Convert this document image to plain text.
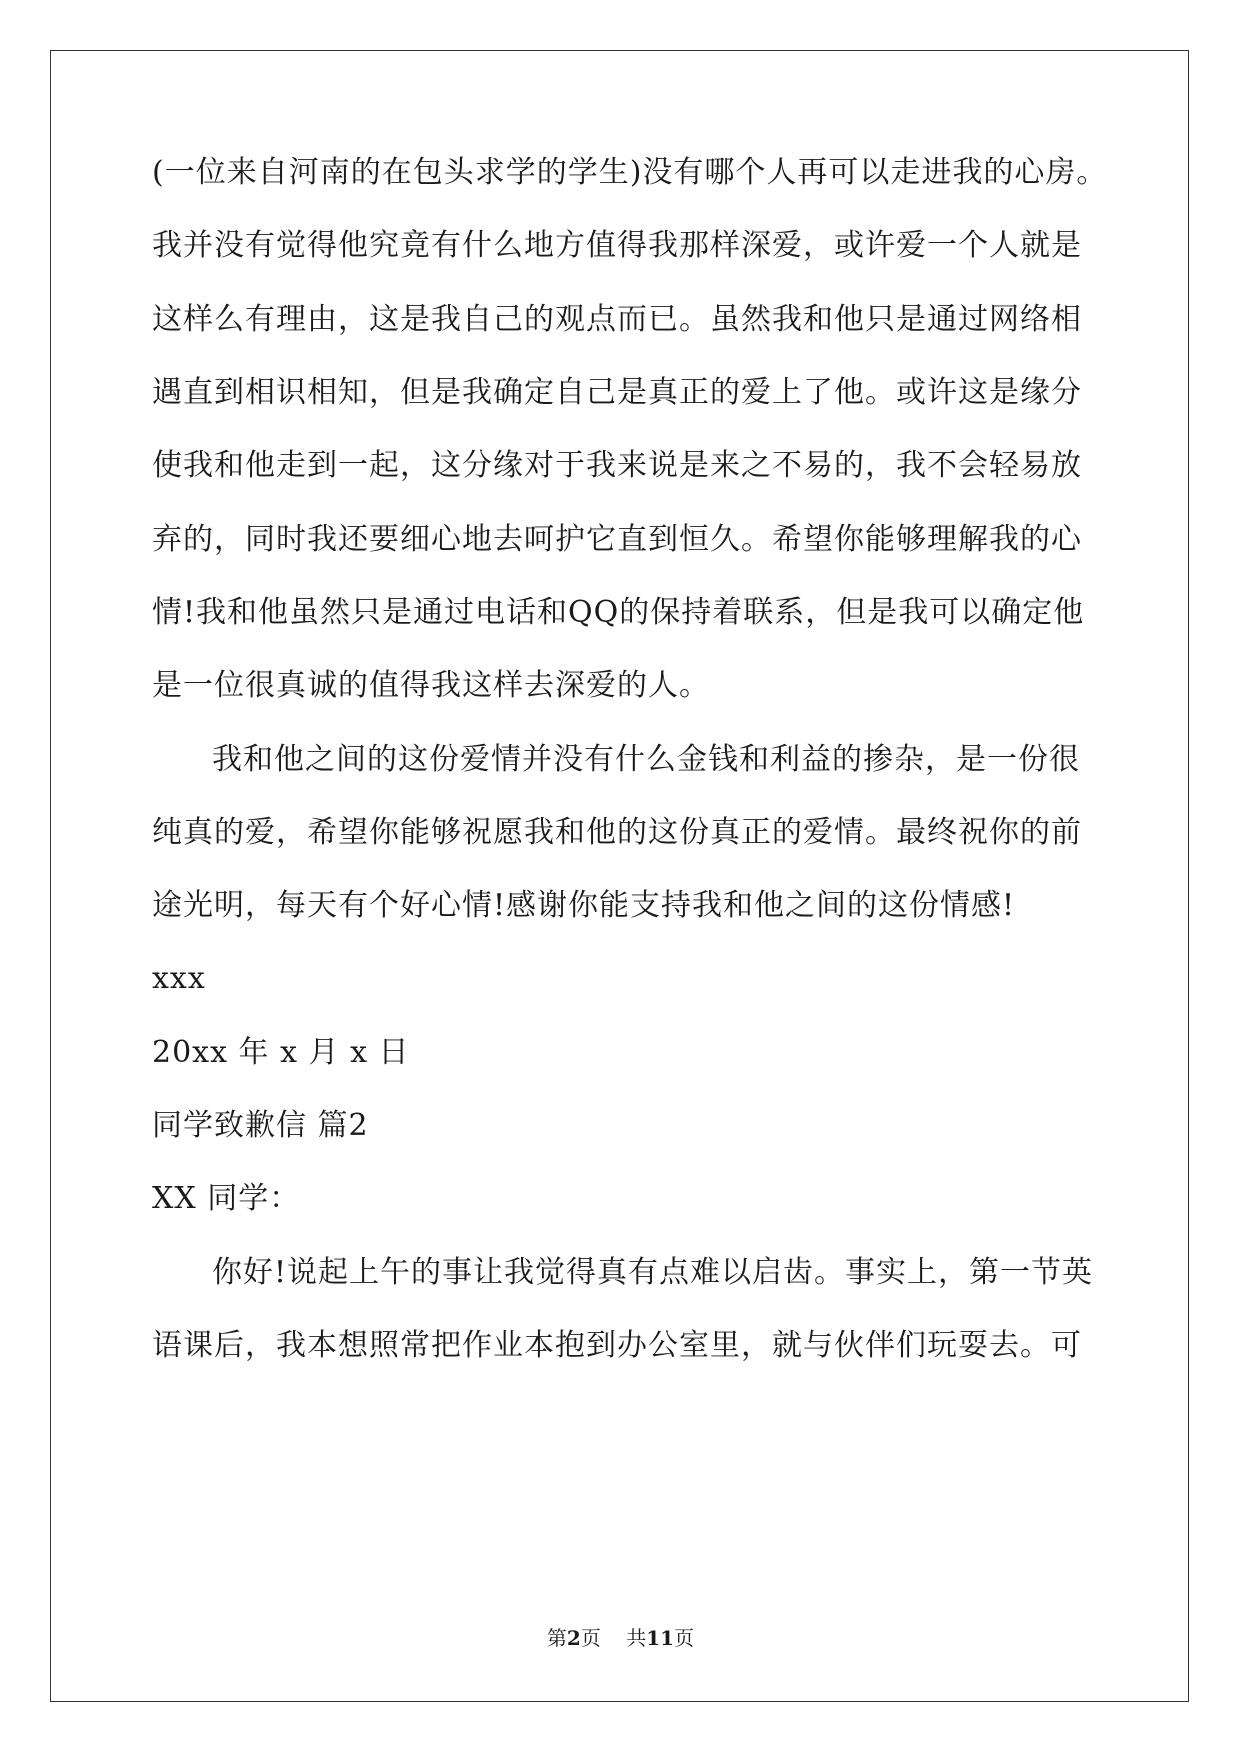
(一位来自河南的在包头求学的学生)没有哪个人再可以走进我的心房。
我并没有觉得他究竟有什么地方值得我那样深爱，或许爱一个人就是
这样么有理由，这是我自己的观点而已。虽然我和他只是通过网络相
遇直到相识相知，但是我确定自己是真正的爱上了他。或许这是缘分
使我和他走到一起，这分缘对于我来说是来之不易的，我不会轻易放
弃的，同时我还要细心地去呵护它直到恒久。希望你能够理解我的心
情!我和他虽然只是通过电话和QQ的保持着联系，但是我可以确定他
是一位很真诚的值得我这样去深爱的人。
我和他之间的这份爱情并没有什么金钱和利益的掺杂，是一份很
纯真的爱，希望你能够祝愿我和他的这份真正的爱情。最终祝你的前
途光明，每天有个好心情!感谢你能支持我和他之间的这份情感!
xxx
20xx 年 x 月 x 日
同学致歉信 篇2
XX 同学：
你好!说起上午的事让我觉得真有点难以启齿。事实上，第一节英
语课后，我本想照常把作业本抱到办公室里，就与伙伴们玩耍去。可
第2页 共11页
